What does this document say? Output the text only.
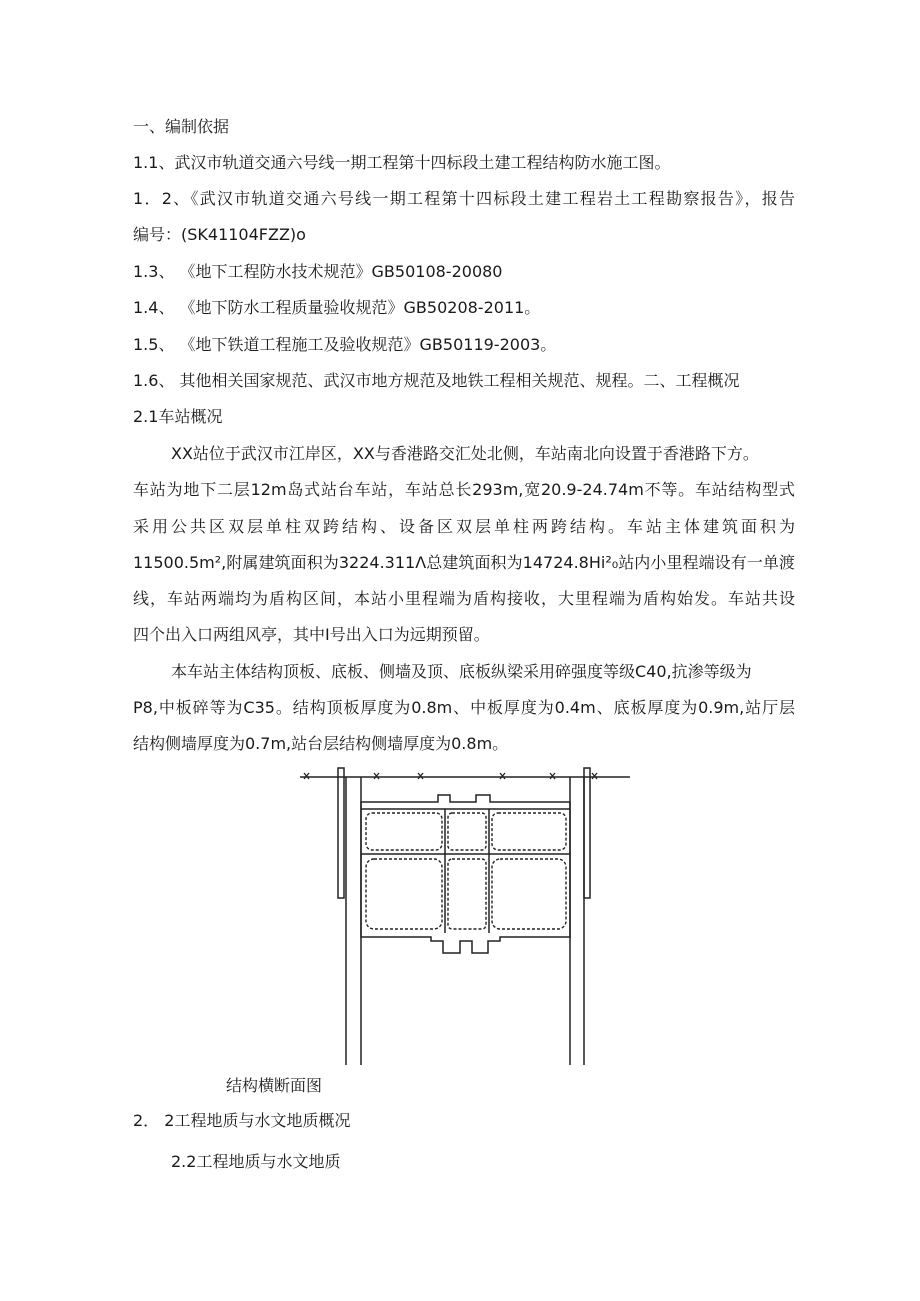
一、编制依据
1.1、武汉市轨道交通六号线一期工程第十四标段土建工程结构防水施工图。
1．2、《武汉市轨道交通六号线一期工程第十四标段土建工程岩土工程勘察报告》，报告
编号：(SK41104FZZ)o
1.3、 《地下工程防水技术规范》GB50108-20080
1.4、 《地下防水工程质量验收规范》GB50208-2011。
1.5、 《地下铁道工程施工及验收规范》GB50119-2003。
1.6、 其他相关国家规范、武汉市地方规范及地铁工程相关规范、规程。二、工程概况
2.1车站概况
XX站位于武汉市江岸区，XX与香港路交汇处北侧，车站南北向设置于香港路下方。
车站为地下二层12m岛式站台车站，车站总长293m,宽20.9-24.74m不等。车站结构型式
采用公共区双层单柱双跨结构、设备区双层单柱两跨结构。车站主体建筑面积为
11500.5m²,附属建筑面积为3224.311Λ总建筑面积为14724.8Hi²₀站内小里程端设有一单渡
线，车站两端均为盾构区间，本站小里程端为盾构接收，大里程端为盾构始发。车站共设
四个出入口两组风亭，其中Ⅰ号出入口为远期预留。
本车站主体结构顶板、底板、侧墙及顶、底板纵梁采用碎强度等级C40,抗渗等级为
P8,中板碎等为C35。结构顶板厚度为0.8m、中板厚度为0.4m、底板厚度为0.9m,站厅层
结构侧墙厚度为0.7m,站台层结构侧墙厚度为0.8m。
结构横断面图
2． 2工程地质与水文地质概况
2.2工程地质与水文地质
